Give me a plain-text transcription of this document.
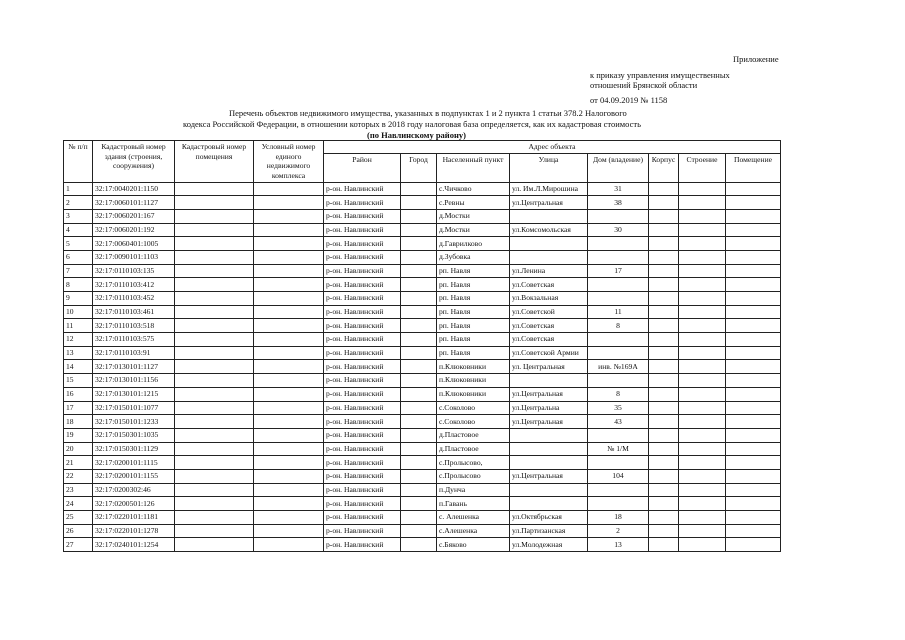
Приложение
к приказу управления имущественных
отношений Брянской области
от 04.09.2019 № 1158
Перечень объектов недвижимого имущества, указанных в подпунктах 1 и 2 пункта 1 статьи 378.2 Налогового
кодекса Российской Федерации, в отношении которых в 2018 году налоговая база определяется, как их кадастровая стоимость
(по Навлинскому району)
№ п/п	Кадастровый номер здания (строения, сооружения)	Кадастровый номер помещения	Условный номер единого недвижимого комплекса	Адрес объекта							
				Район	Город	Населенный пункт	Улица	Дом (владение)	Корпус	Строение	Помещение
1	32:17:0040201:1150			р-он. Навлинский		с.Чичково	ул. Им.Л.Мирошина	31			
2	32:17:0060101:1127			р-он. Навлинский		с.Ревны	ул.Центральная	38			
3	32:17:0060201:167			р-он. Навлинский		д.Мостки					
4	32:17:0060201:192			р-он. Навлинский		д.Мостки	ул.Комсомольская	30			
5	32:17:0060401:1005			р-он. Навлинский		д.Гаврилково					
6	32:17:0090101:1103			р-он. Навлинский		д.Зубовка					
7	32:17:0110103:135			р-он. Навлинский		рп. Навля	ул.Ленина	17			
8	32:17:0110103:412			р-он. Навлинский		рп. Навля	ул.Советская				
9	32:17:0110103:452			р-он. Навлинский		рп. Навля	ул.Вокзальная				
10	32:17:0110103:461			р-он. Навлинский		рп. Навля	ул.Советской	11			
11	32:17:0110103:518			р-он. Навлинский		рп. Навля	ул.Советская	8			
12	32:17:0110103:575			р-он. Навлинский		рп. Навля	ул.Советская				
13	32:17:0110103:91			р-он. Навлинский		рп. Навля	ул.Советской Армии				
14	32:17:0130101:1127			р-он. Навлинский		п.Клюковники	ул. Центральная	инв. №169А			
15	32:17:0130101:1156			р-он. Навлинский		п.Клюковники					
16	32:17:0130101:1215			р-он. Навлинский		п.Клюковники	ул.Центральная	8			
17	32:17:0150101:1077			р-он. Навлинский		с.Соколово	ул.Центральна	35			
18	32:17:0150101:1233			р-он. Навлинский		с.Соколово	ул.Центральная	43			
19	32:17:0150301:1035			р-он. Навлинский		д.Пластовое					
20	32:17:0150301:1129			р-он. Навлинский		д.Пластовое		№ 1/М			
21	32:17:0200101:1115			р-он. Навлинский		с.Пролысово,					
22	32:17:0200101:1155			р-он. Навлинский		с.Пролысово	ул.Центральная	104			
23	32:17:0200302:46			р-он. Навлинский		п.Дунча					
24	32:17:0200501:126			р-он. Навлинский		п.Гавань					
25	32:17:0220101:1181			р-он. Навлинский		с. Алешенка	ул.Октябрьская	18			
26	32:17:0220101:1278			р-он. Навлинский		с.Алешенка	ул.Партизанская	2			
27	32:17:0240101:1254			р-он. Навлинский		с.Бяково	ул.Молодежная	13			
